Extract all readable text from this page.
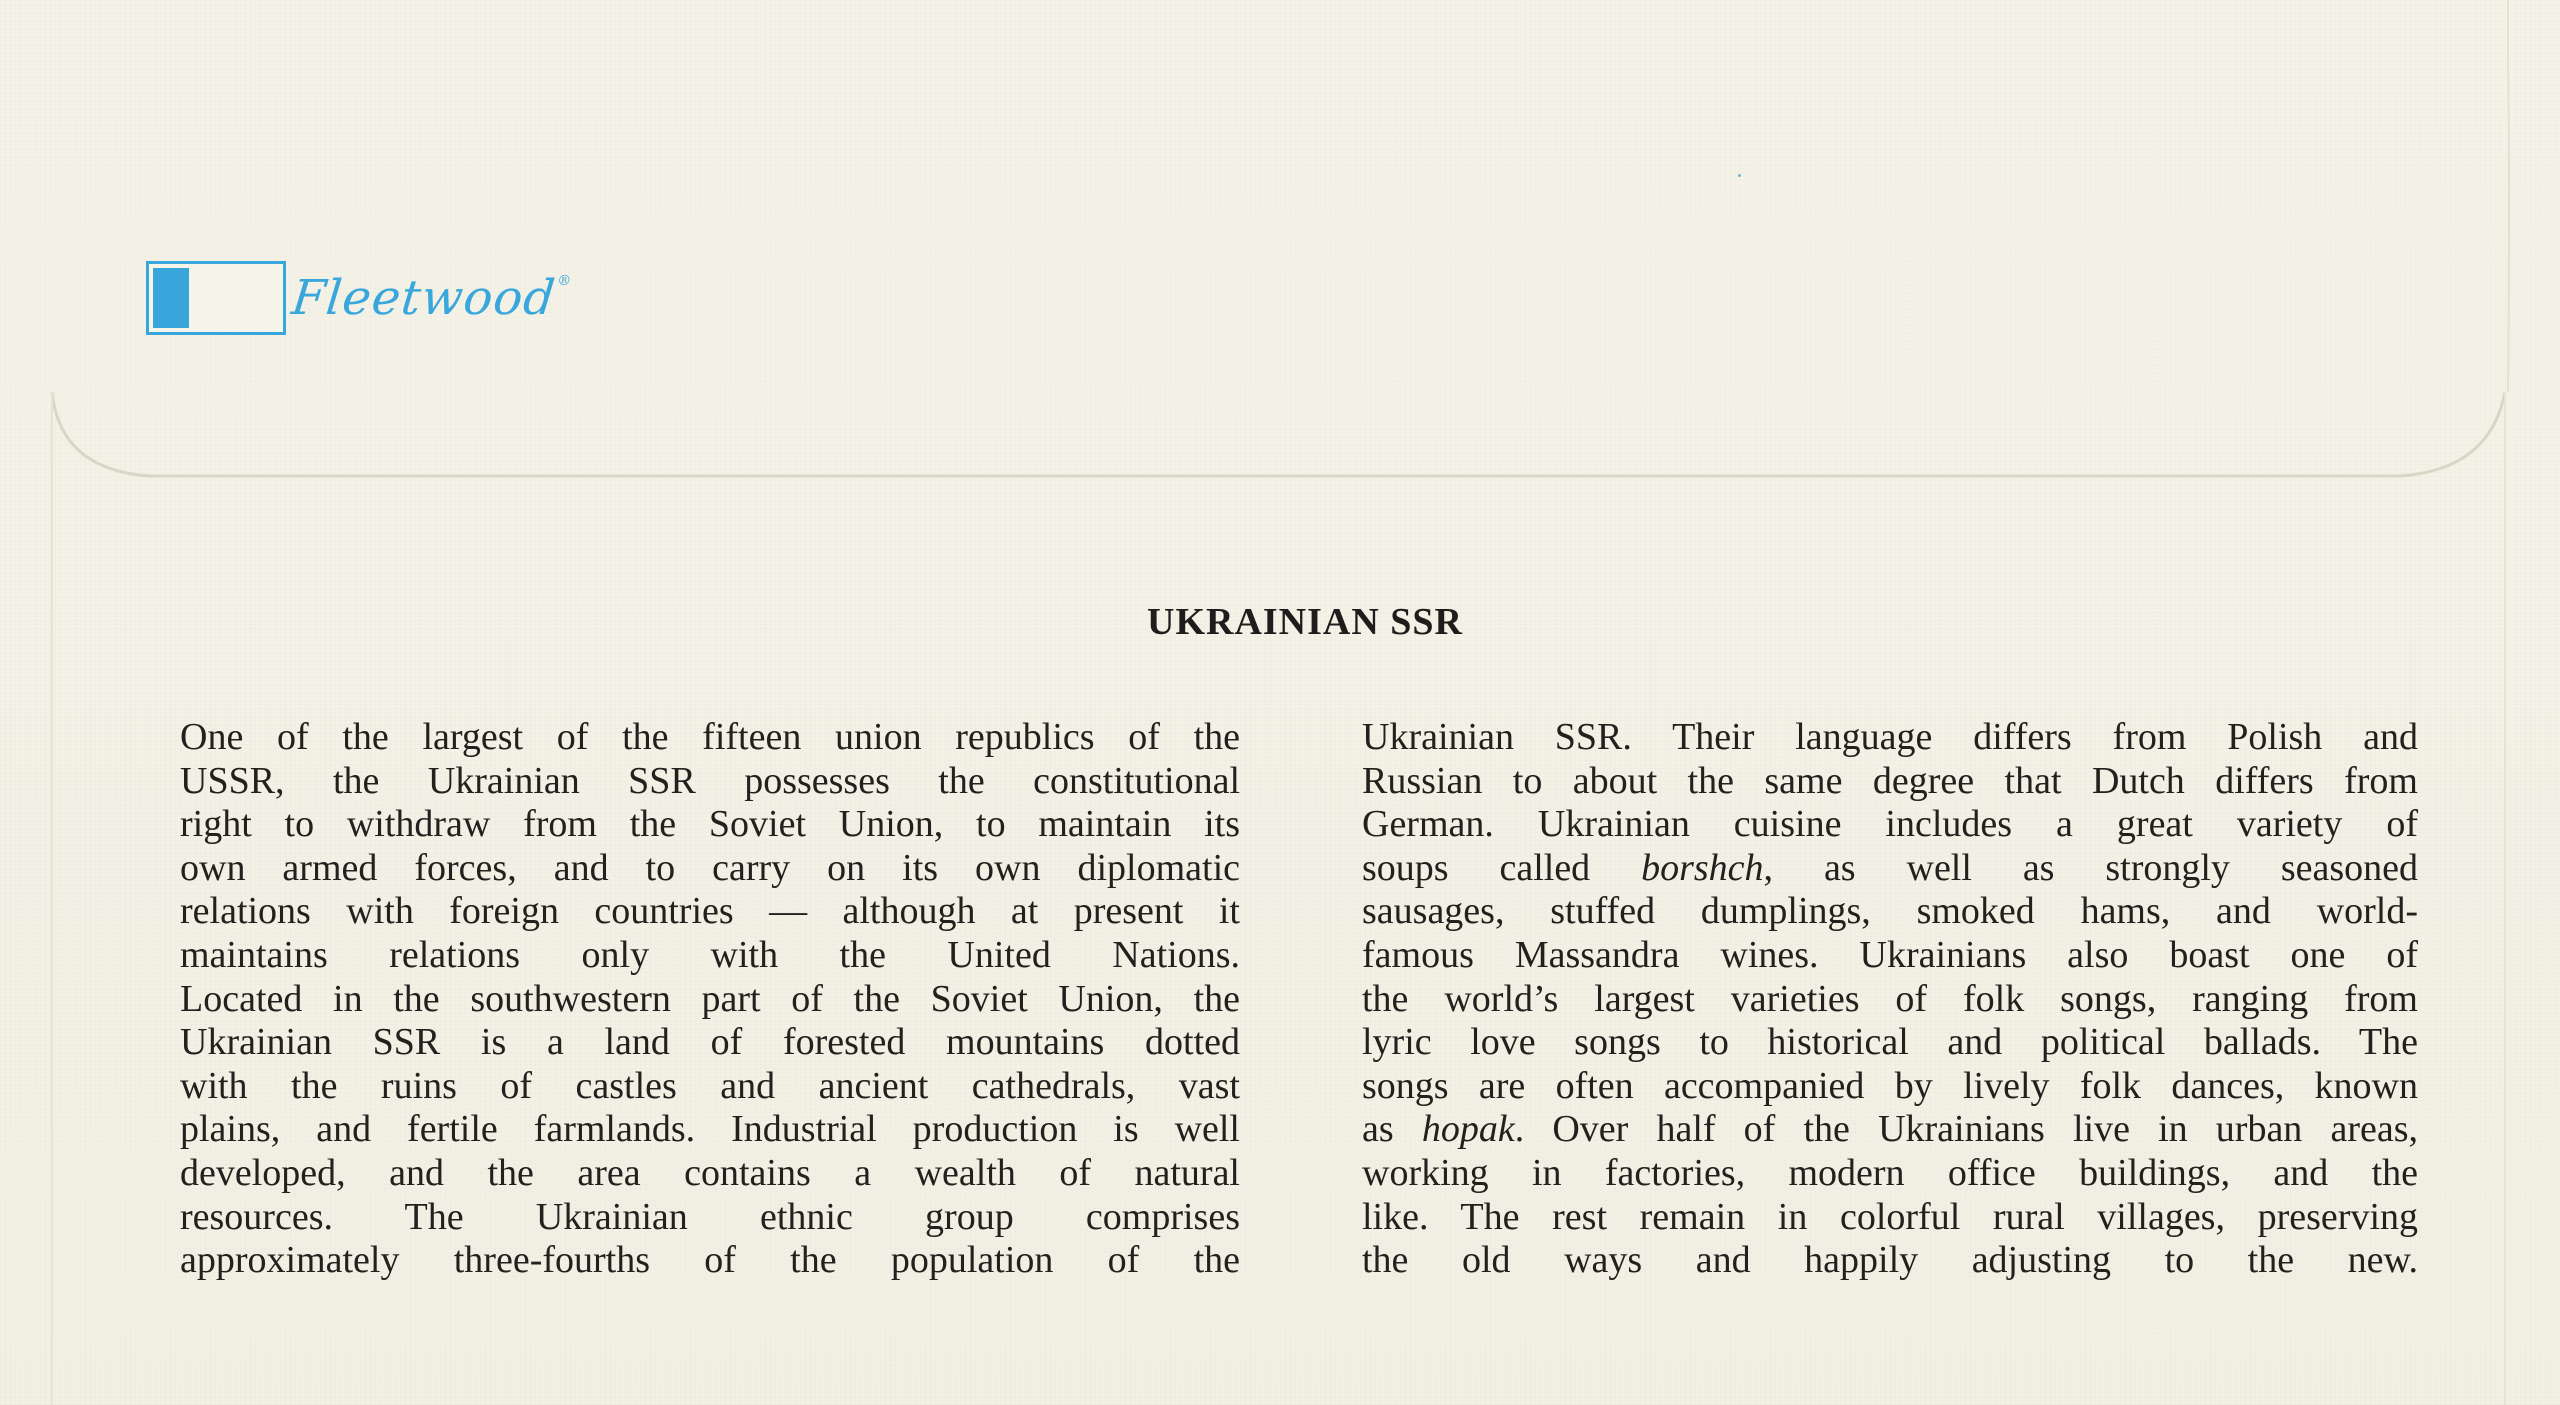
Fleetwood®
UKRAINIAN SSR
One of the largest of the fifteen union republics of the
USSR, the Ukrainian SSR possesses the constitutional
right to withdraw from the Soviet Union, to maintain its
own armed forces, and to carry on its own diplomatic
relations with foreign countries — although at present it
maintains relations only with the United Nations.
Located in the southwestern part of the Soviet Union, the
Ukrainian SSR is a land of forested mountains dotted
with the ruins of castles and ancient cathedrals, vast
plains, and fertile farmlands. Industrial production is well
developed, and the area contains a wealth of natural
resources. The Ukrainian ethnic group comprises
approximately three-fourths of the population of the
Ukrainian SSR. Their language differs from Polish and
Russian to about the same degree that Dutch differs from
German. Ukrainian cuisine includes a great variety of
soups called borshch, as well as strongly seasoned
sausages, stuffed dumplings, smoked hams, and world-
famous Massandra wines. Ukrainians also boast one of
the world’s largest varieties of folk songs, ranging from
lyric love songs to historical and political ballads. The
songs are often accompanied by lively folk dances, known
as hopak. Over half of the Ukrainians live in urban areas,
working in factories, modern office buildings, and the
like. The rest remain in colorful rural villages, preserving
the old ways and happily adjusting to the new.
